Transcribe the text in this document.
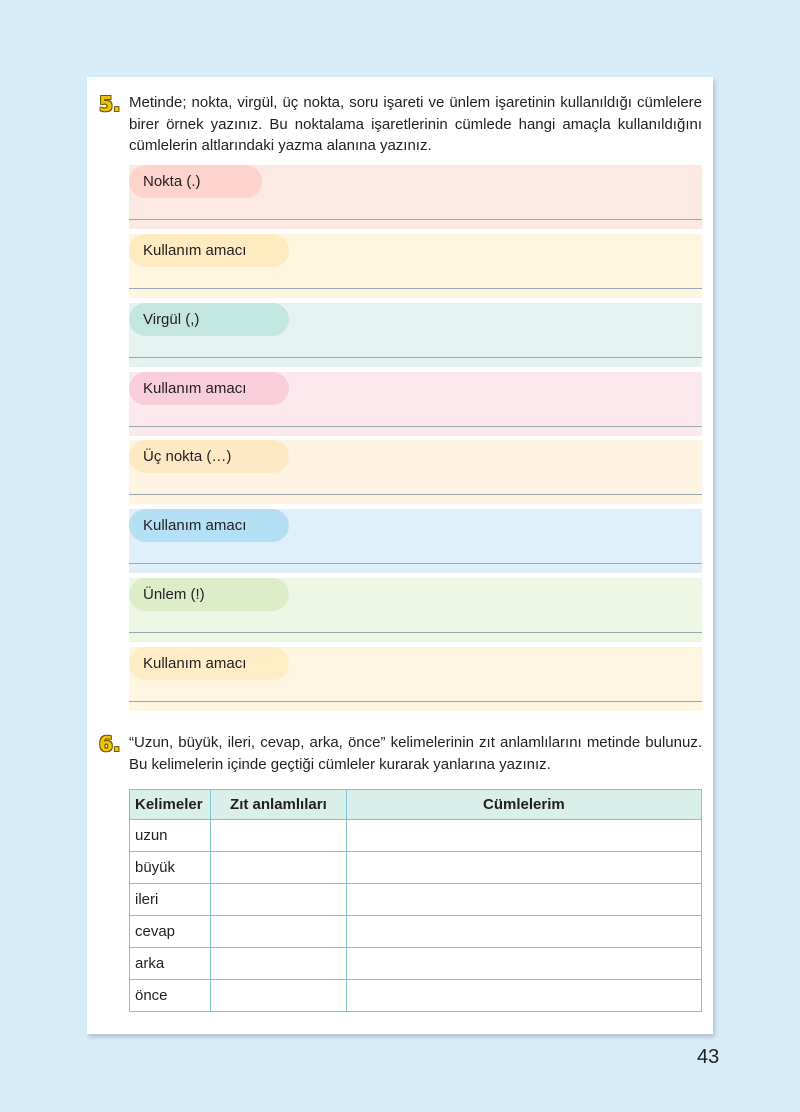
5. Metinde; nokta, virgül, üç nokta, soru işareti ve ünlem işaretinin kullanıldığı cümlelere birer örnek yazınız. Bu noktalama işaretlerinin cümlede hangi amaçla kullanıldığını cümlelerin altlarındaki yazma alanına yazınız.
Nokta (.)
Kullanım amacı
Virgül (,)
Kullanım amacı
Üç nokta (…)
Kullanım amacı
Ünlem (!)
Kullanım amacı
6. “Uzun, büyük, ileri, cevap, arka, önce” kelimelerinin zıt anlamlılarını metinde bulunuz. Bu kelimelerin içinde geçtiği cümleler kurarak yanlarına yazınız.
Kelimeler	Zıt anlamlıları	Cümlelerim
uzun		
büyük		
ileri		
cevap		
arka		
önce		
43
